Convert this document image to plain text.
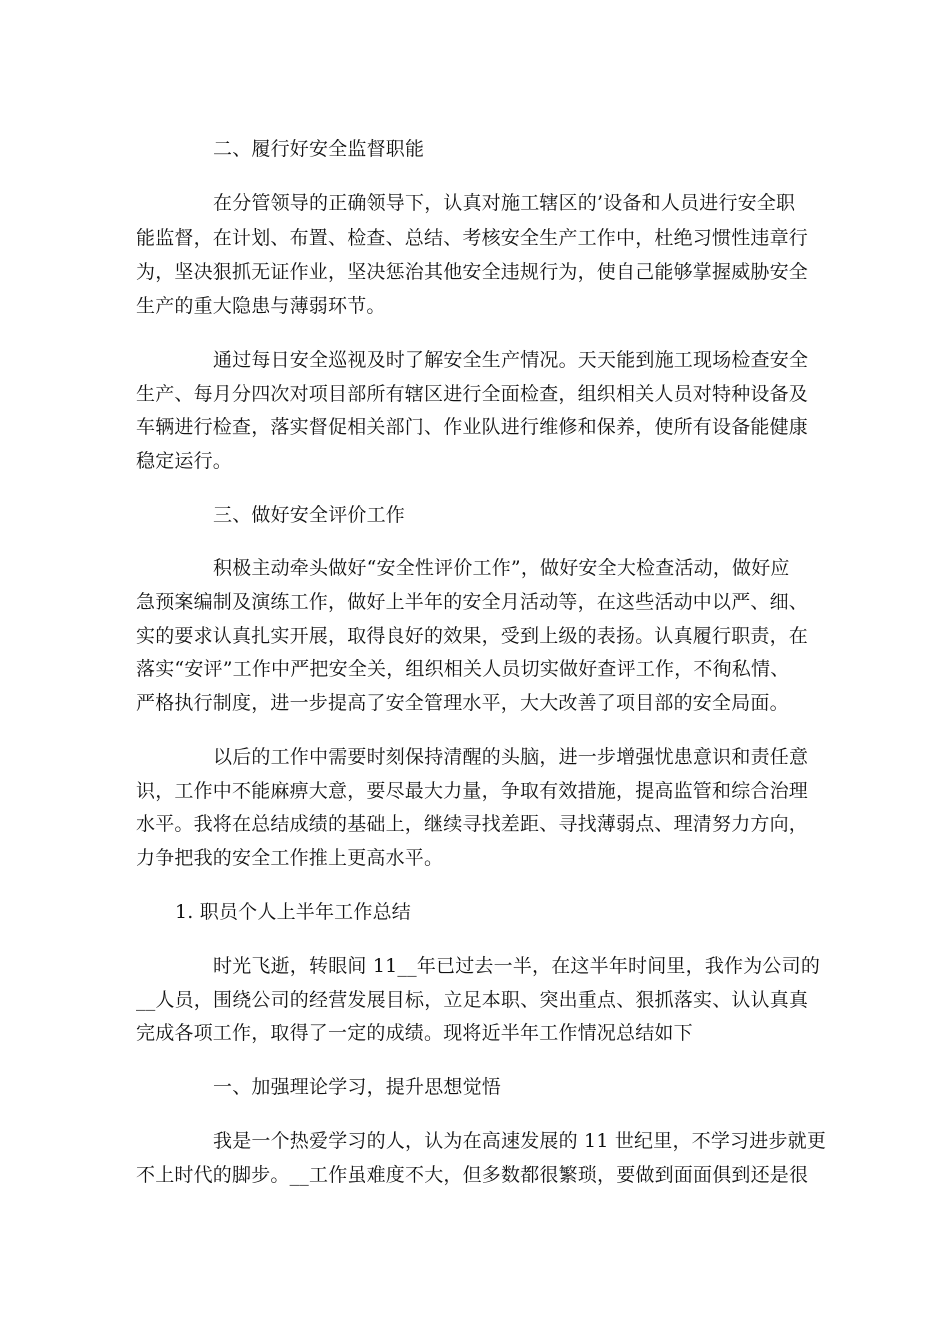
二、履行好安全监督职能
在分管领导的正确领导下，认真对施工辖区的’设备和人员进行安全职
能监督，在计划、布置、检查、总结、考核安全生产工作中，杜绝习惯性违章行
为，坚决狠抓无证作业，坚决惩治其他安全违规行为，使自己能够掌握威胁安全
生产的重大隐患与薄弱环节。
通过每日安全巡视及时了解安全生产情况。天天能到施工现场检查安全
生产、每月分四次对项目部所有辖区进行全面检查，组织相关人员对特种设备及
车辆进行检查，落实督促相关部门、作业队进行维修和保养，使所有设备能健康
稳定运行。
三、做好安全评价工作
积极主动牵头做好“安全性评价工作”，做好安全大检查活动，做好应
急预案编制及演练工作，做好上半年的安全月活动等，在这些活动中以严、细、
实的要求认真扎实开展，取得良好的效果，受到上级的表扬。认真履行职责，在
落实“安评”工作中严把安全关，组织相关人员切实做好查评工作，不徇私情、
严格执行制度，进一步提高了安全管理水平，大大改善了项目部的安全局面。
以后的工作中需要时刻保持清醒的头脑，进一步增强忧患意识和责任意
识，工作中不能麻痹大意，要尽最大力量，争取有效措施，提高监管和综合治理
水平。我将在总结成绩的基础上，继续寻找差距、寻找薄弱点、理清努力方向，
力争把我的安全工作推上更高水平。
1. 职员个人上半年工作总结
时光飞逝，转眼间 11__年已过去一半，在这半年时间里，我作为公司的
__人员，围绕公司的经营发展目标，立足本职、突出重点、狠抓落实、认认真真
完成各项工作，取得了一定的成绩。现将近半年工作情况总结如下
一、加强理论学习，提升思想觉悟
我是一个热爱学习的人，认为在高速发展的 11 世纪里，不学习进步就更
不上时代的脚步。__工作虽难度不大，但多数都很繁琐，要做到面面俱到还是很
